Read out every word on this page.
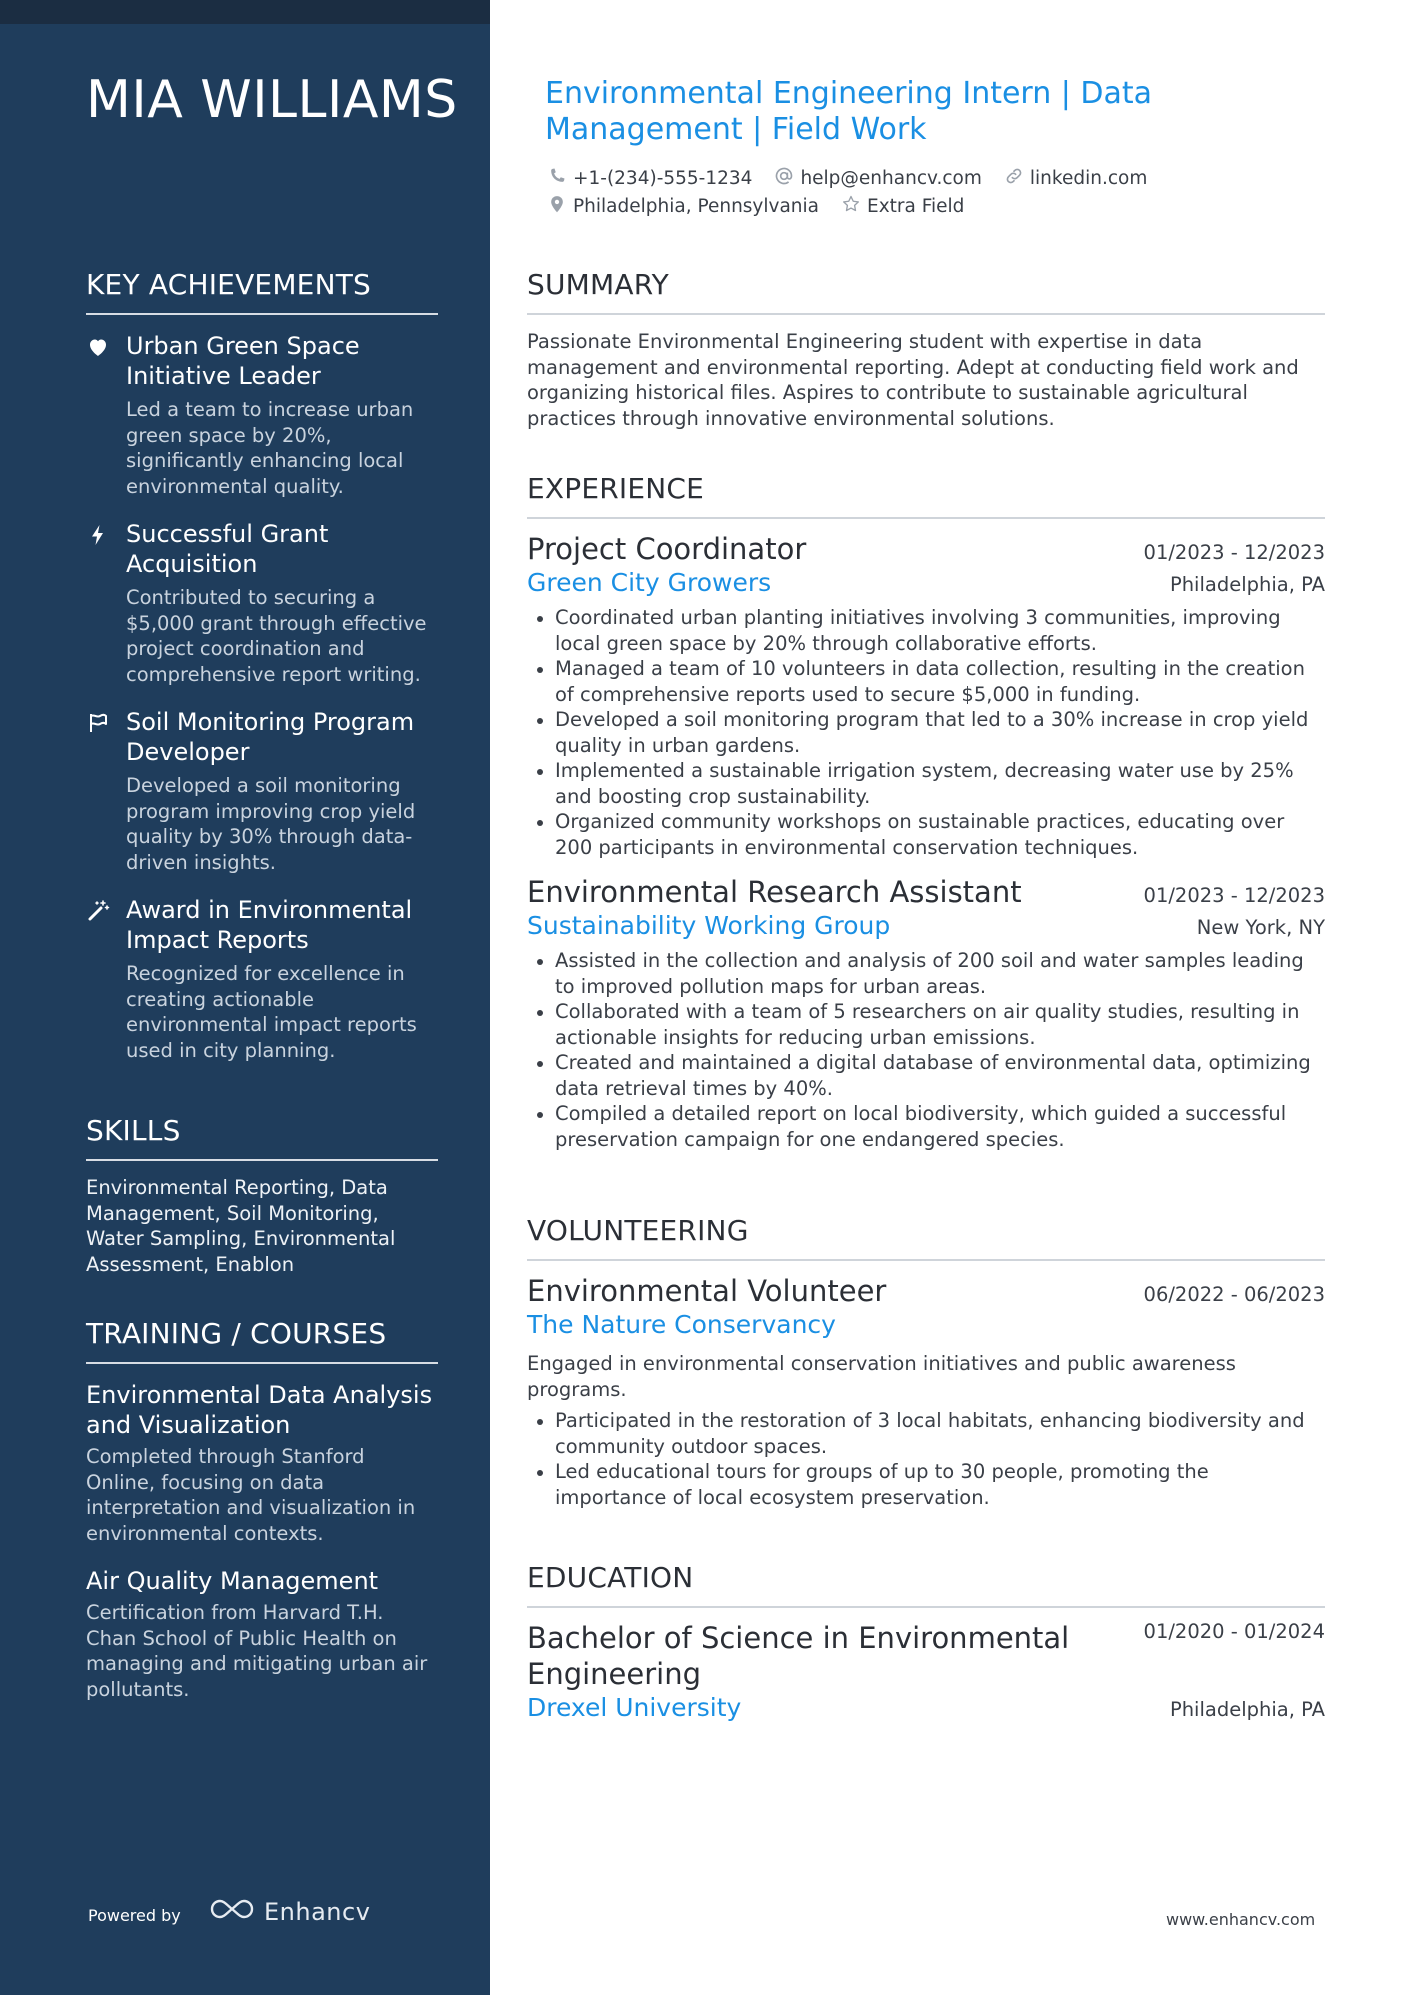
MIA WILLIAMS
KEY ACHIEVEMENTS
Urban Green Space Initiative Leader
Led a team to increase urban green space by 20%, significantly enhancing local environmental quality.
Successful Grant Acquisition
Contributed to securing a $5,000 grant through effective project coordination and comprehensive report writing.
Soil Monitoring Program Developer
Developed a soil monitoring program improving crop yield quality by 30% through data-driven insights.
Award in Environmental Impact Reports
Recognized for excellence in creating actionable environmental impact reports used in city planning.
SKILLS
Environmental Reporting, Data Management, Soil Monitoring, Water Sampling, Environmental Assessment, Enablon
TRAINING / COURSES
Environmental Data Analysis and Visualization
Completed through Stanford Online, focusing on data interpretation and visualization in environmental contexts.
Air Quality Management
Certification from Harvard T.H. Chan School of Public Health on managing and mitigating urban air pollutants.
Powered by	Enhancv
Environmental Engineering Intern | Data Management | Field Work
+1-(234)-555-1234	help@enhancv.com	linkedin.com
Philadelphia, Pennsylvania	Extra Field
SUMMARY
Passionate Environmental Engineering student with expertise in data management and environmental reporting. Adept at conducting field work and organizing historical files. Aspires to contribute to sustainable agricultural practices through innovative environmental solutions.
EXPERIENCE
Project Coordinator	01/2023 - 12/2023
Green City Growers	Philadelphia, PA
Coordinated urban planting initiatives involving 3 communities, improving local green space by 20% through collaborative efforts.
Managed a team of 10 volunteers in data collection, resulting in the creation of comprehensive reports used to secure $5,000 in funding.
Developed a soil monitoring program that led to a 30% increase in crop yield quality in urban gardens.
Implemented a sustainable irrigation system, decreasing water use by 25% and boosting crop sustainability.
Organized community workshops on sustainable practices, educating over 200 participants in environmental conservation techniques.
Environmental Research Assistant	01/2023 - 12/2023
Sustainability Working Group	New York, NY
Assisted in the collection and analysis of 200 soil and water samples leading to improved pollution maps for urban areas.
Collaborated with a team of 5 researchers on air quality studies, resulting in actionable insights for reducing urban emissions.
Created and maintained a digital database of environmental data, optimizing data retrieval times by 40%.
Compiled a detailed report on local biodiversity, which guided a successful preservation campaign for one endangered species.
VOLUNTEERING
Environmental Volunteer	06/2022 - 06/2023
The Nature Conservancy
Engaged in environmental conservation initiatives and public awareness programs.
Participated in the restoration of 3 local habitats, enhancing biodiversity and community outdoor spaces.
Led educational tours for groups of up to 30 people, promoting the importance of local ecosystem preservation.
EDUCATION
Bachelor of Science in Environmental Engineering
01/2020 - 01/2024
Drexel University	Philadelphia, PA
www.enhancv.com
